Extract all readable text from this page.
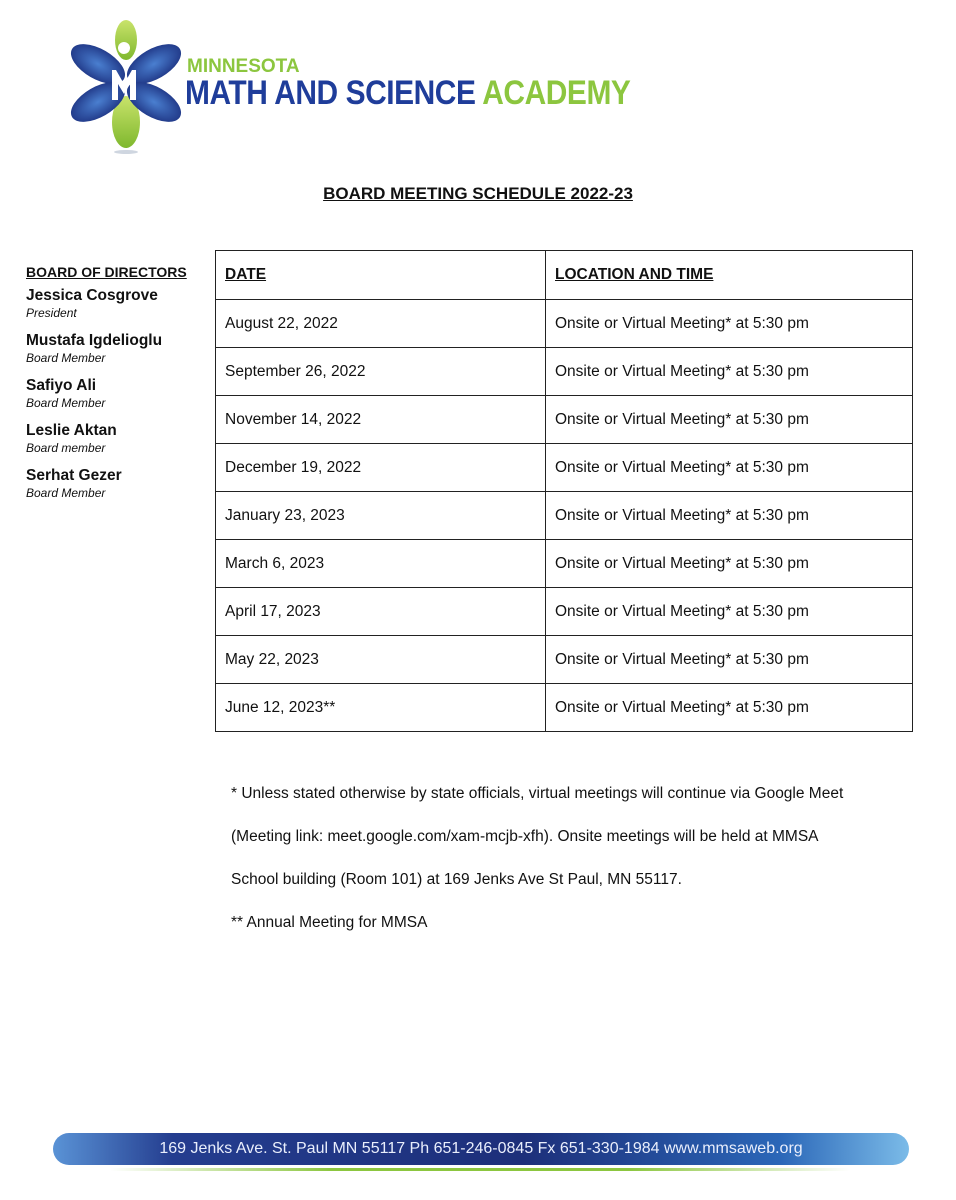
MINNESOTA
MATH AND SCIENCE ACADEMY
BOARD MEETING SCHEDULE 2022-23
BOARD OF DIRECTORS
Jessica Cosgrove
President
Mustafa Igdelioglu
Board Member
Safiyo Ali
Board Member
Leslie Aktan
Board member
Serhat Gezer
Board Member
DATE	LOCATION AND TIME
August 22, 2022	Onsite or Virtual Meeting* at 5:30 pm
September 26, 2022	Onsite or Virtual Meeting* at 5:30 pm
November 14, 2022	Onsite or Virtual Meeting* at 5:30 pm
December 19, 2022	Onsite or Virtual Meeting* at 5:30 pm
January 23, 2023	Onsite or Virtual Meeting* at 5:30 pm
March 6, 2023	Onsite or Virtual Meeting* at 5:30 pm
April 17, 2023	Onsite or Virtual Meeting* at 5:30 pm
May 22, 2023	Onsite or Virtual Meeting* at 5:30 pm
June 12, 2023**	Onsite or Virtual Meeting* at 5:30 pm

* Unless stated otherwise by state officials, virtual meetings will continue via Google Meet

(Meeting link: meet.google.com/xam-mcjb-xfh). Onsite meetings will be held at MMSA

School building (Room 101) at 169 Jenks Ave St Paul, MN 55117.

** Annual Meeting for MMSA

169 Jenks Ave. St. Paul MN 55117 Ph 651-246-0845 Fx 651-330-1984 www.mmsaweb.org
